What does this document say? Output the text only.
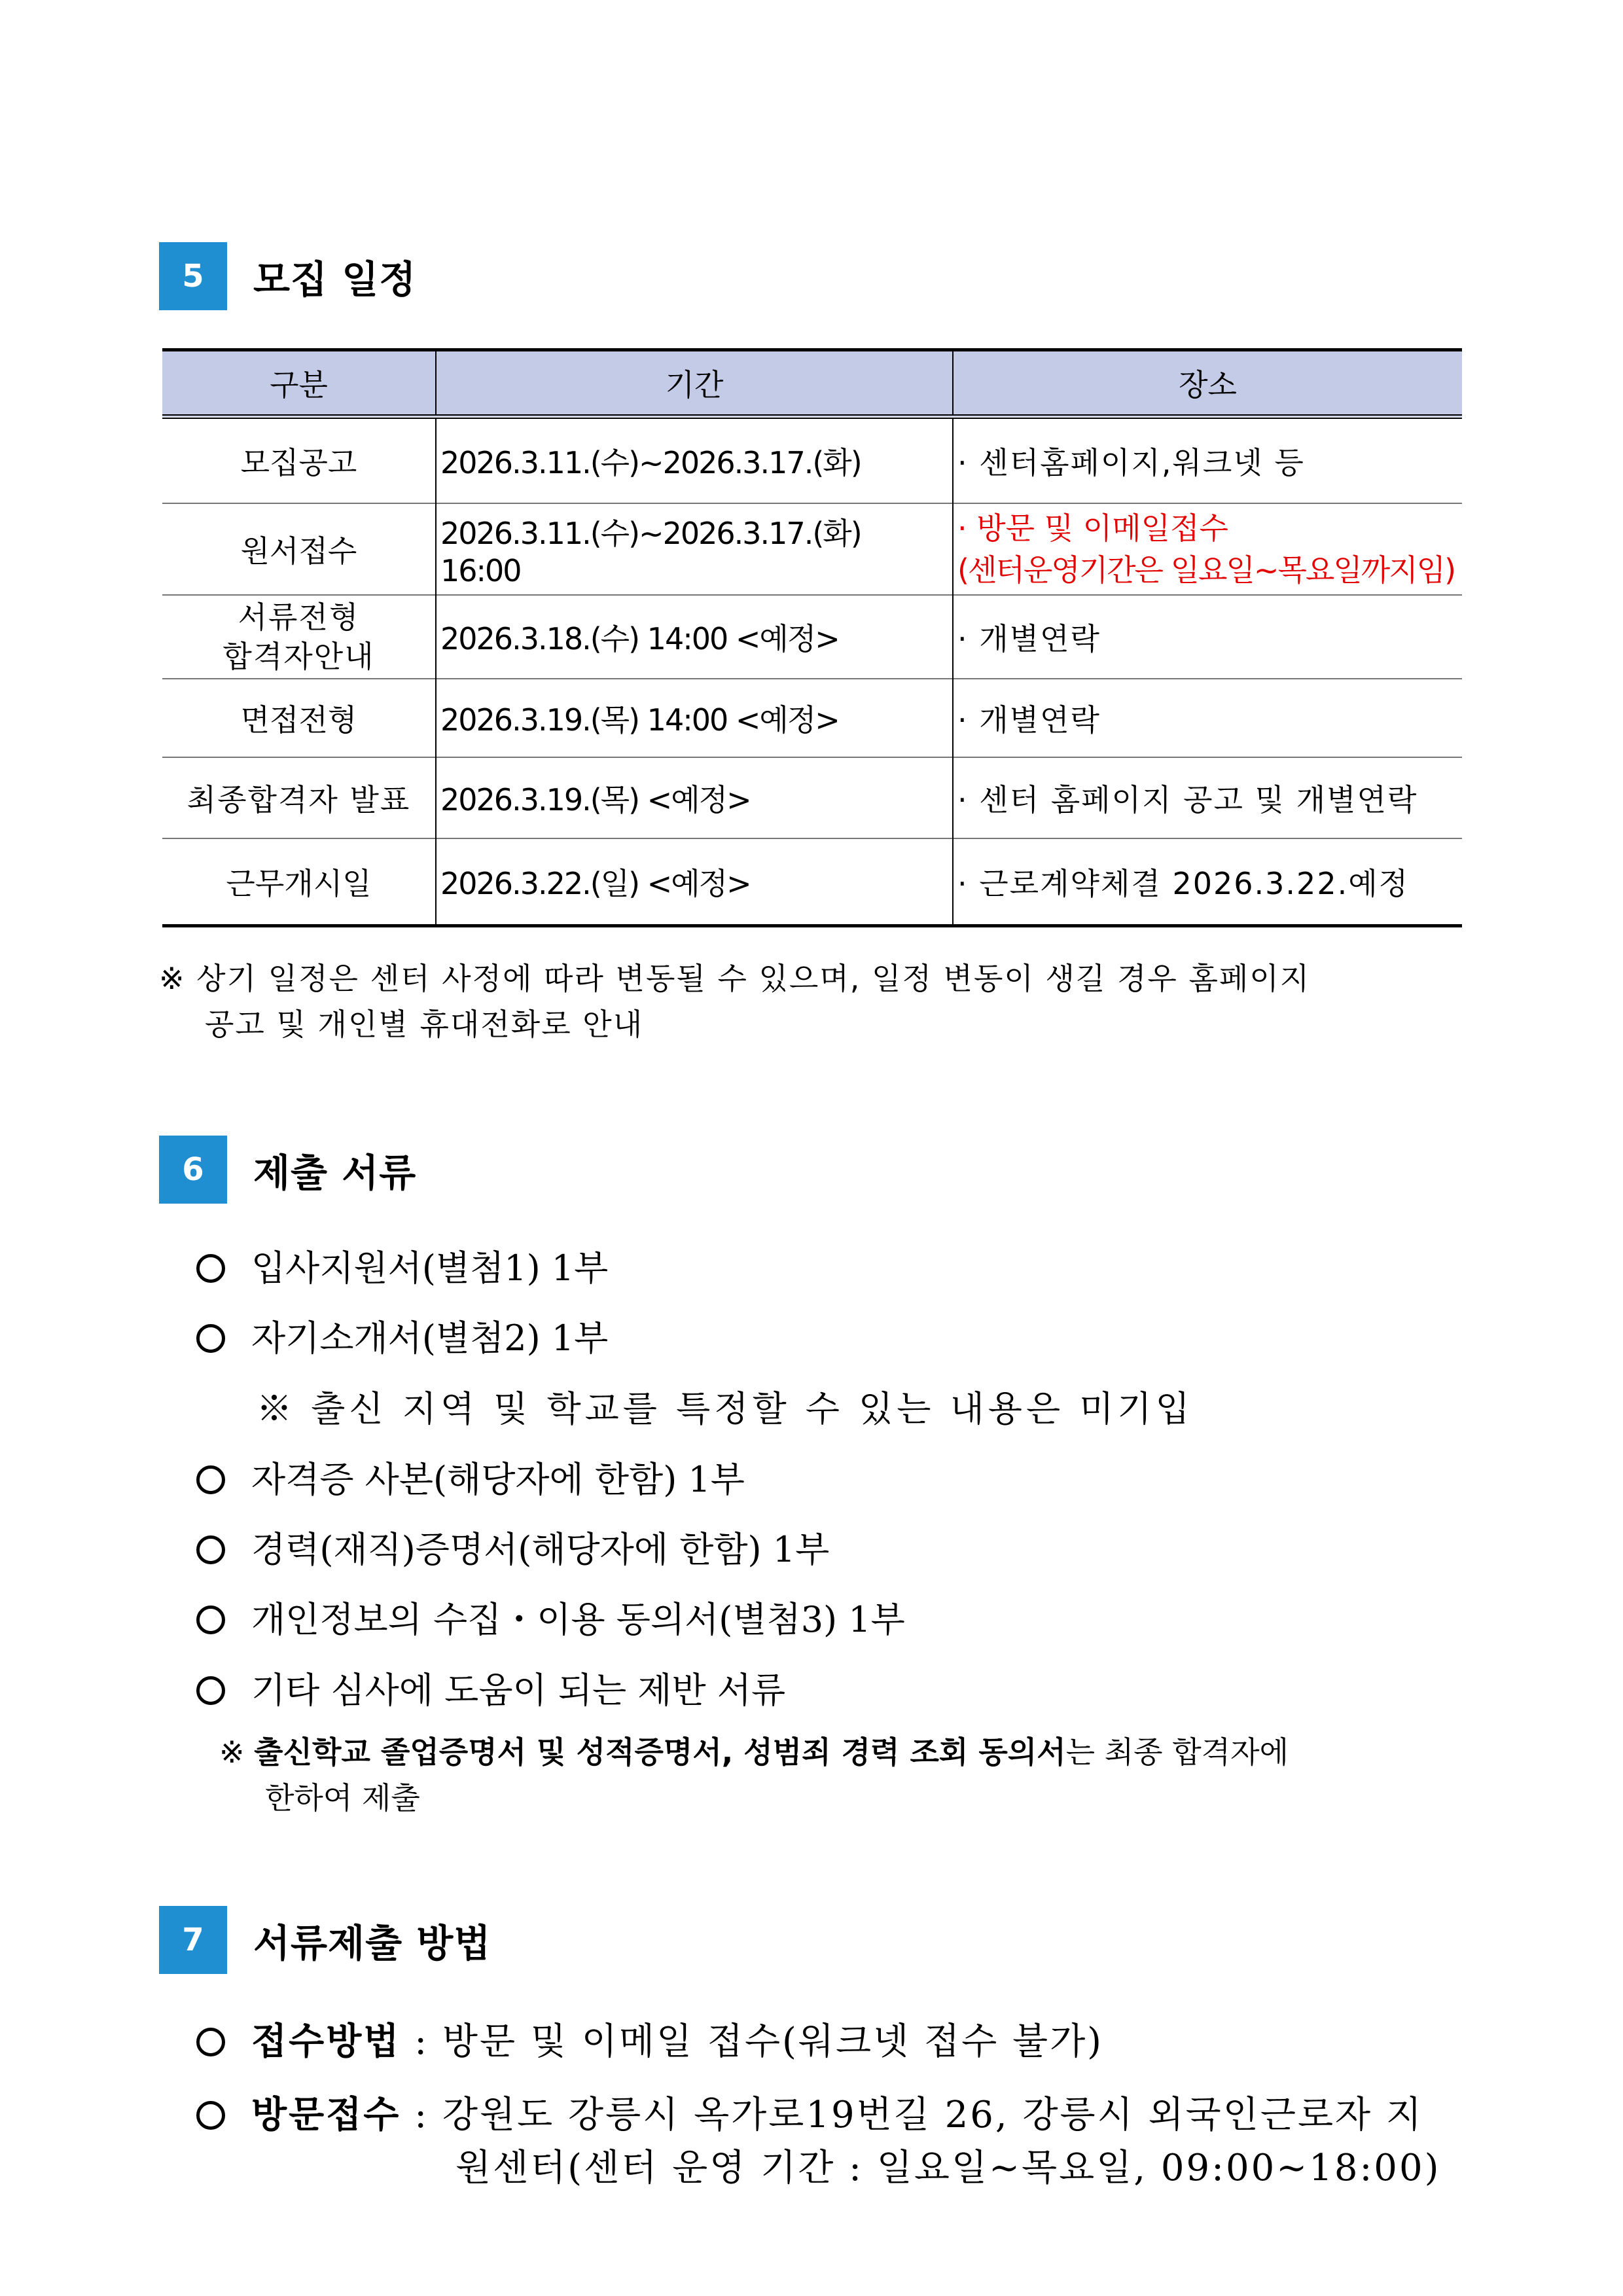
5	모집 일정
구분	기간	장소
모집공고	2026.3.11.(수)~2026.3.17.(화)	· 센터홈페이지,워크넷 등
원서접수	2026.3.11.(수)~2026.3.17.(화) 16:00	· 방문 및 이메일접수
(센터운영기간은 일요일~목요일까지임)

서류전형
합격자안내	2026.3.18.(수) 14:00 <예정>	· 개별연락
면접전형	2026.3.19.(목) 14:00 <예정>	· 개별연락
최종합격자 발표	2026.3.19.(목) <예정>	· 센터 홈페이지 공고 및 개별연락
근무개시일	2026.3.22.(일) <예정>	· 근로계약체결 2026.3.22.예정
※ 상기 일정은 센터 사정에 따라 변동될 수 있으며, 일정 변동이 생길 경우 홈페이지
공고 및 개인별 휴대전화로 안내
6	제출 서류
입사지원서(별첨1) 1부
자기소개서(별첨2) 1부
※ 출신 지역 및 학교를 특정할 수 있는 내용은 미기입
자격증 사본(해당자에 한함) 1부
경력(재직)증명서(해당자에 한함) 1부
개인정보의 수집・이용 동의서(별첨3) 1부
기타 심사에 도움이 되는 제반 서류
※ 출신학교 졸업증명서 및 성적증명서, 성범죄 경력 조회 동의서는 최종 합격자에
한하여 제출
7	서류제출 방법
접수방법 : 방문 및 이메일 접수(워크넷 접수 불가)
방문접수 : 강원도 강릉시 옥가로19번길 26, 강릉시 외국인근로자 지
원센터(센터 운영 기간 : 일요일~목요일, 09:00~18:00)
